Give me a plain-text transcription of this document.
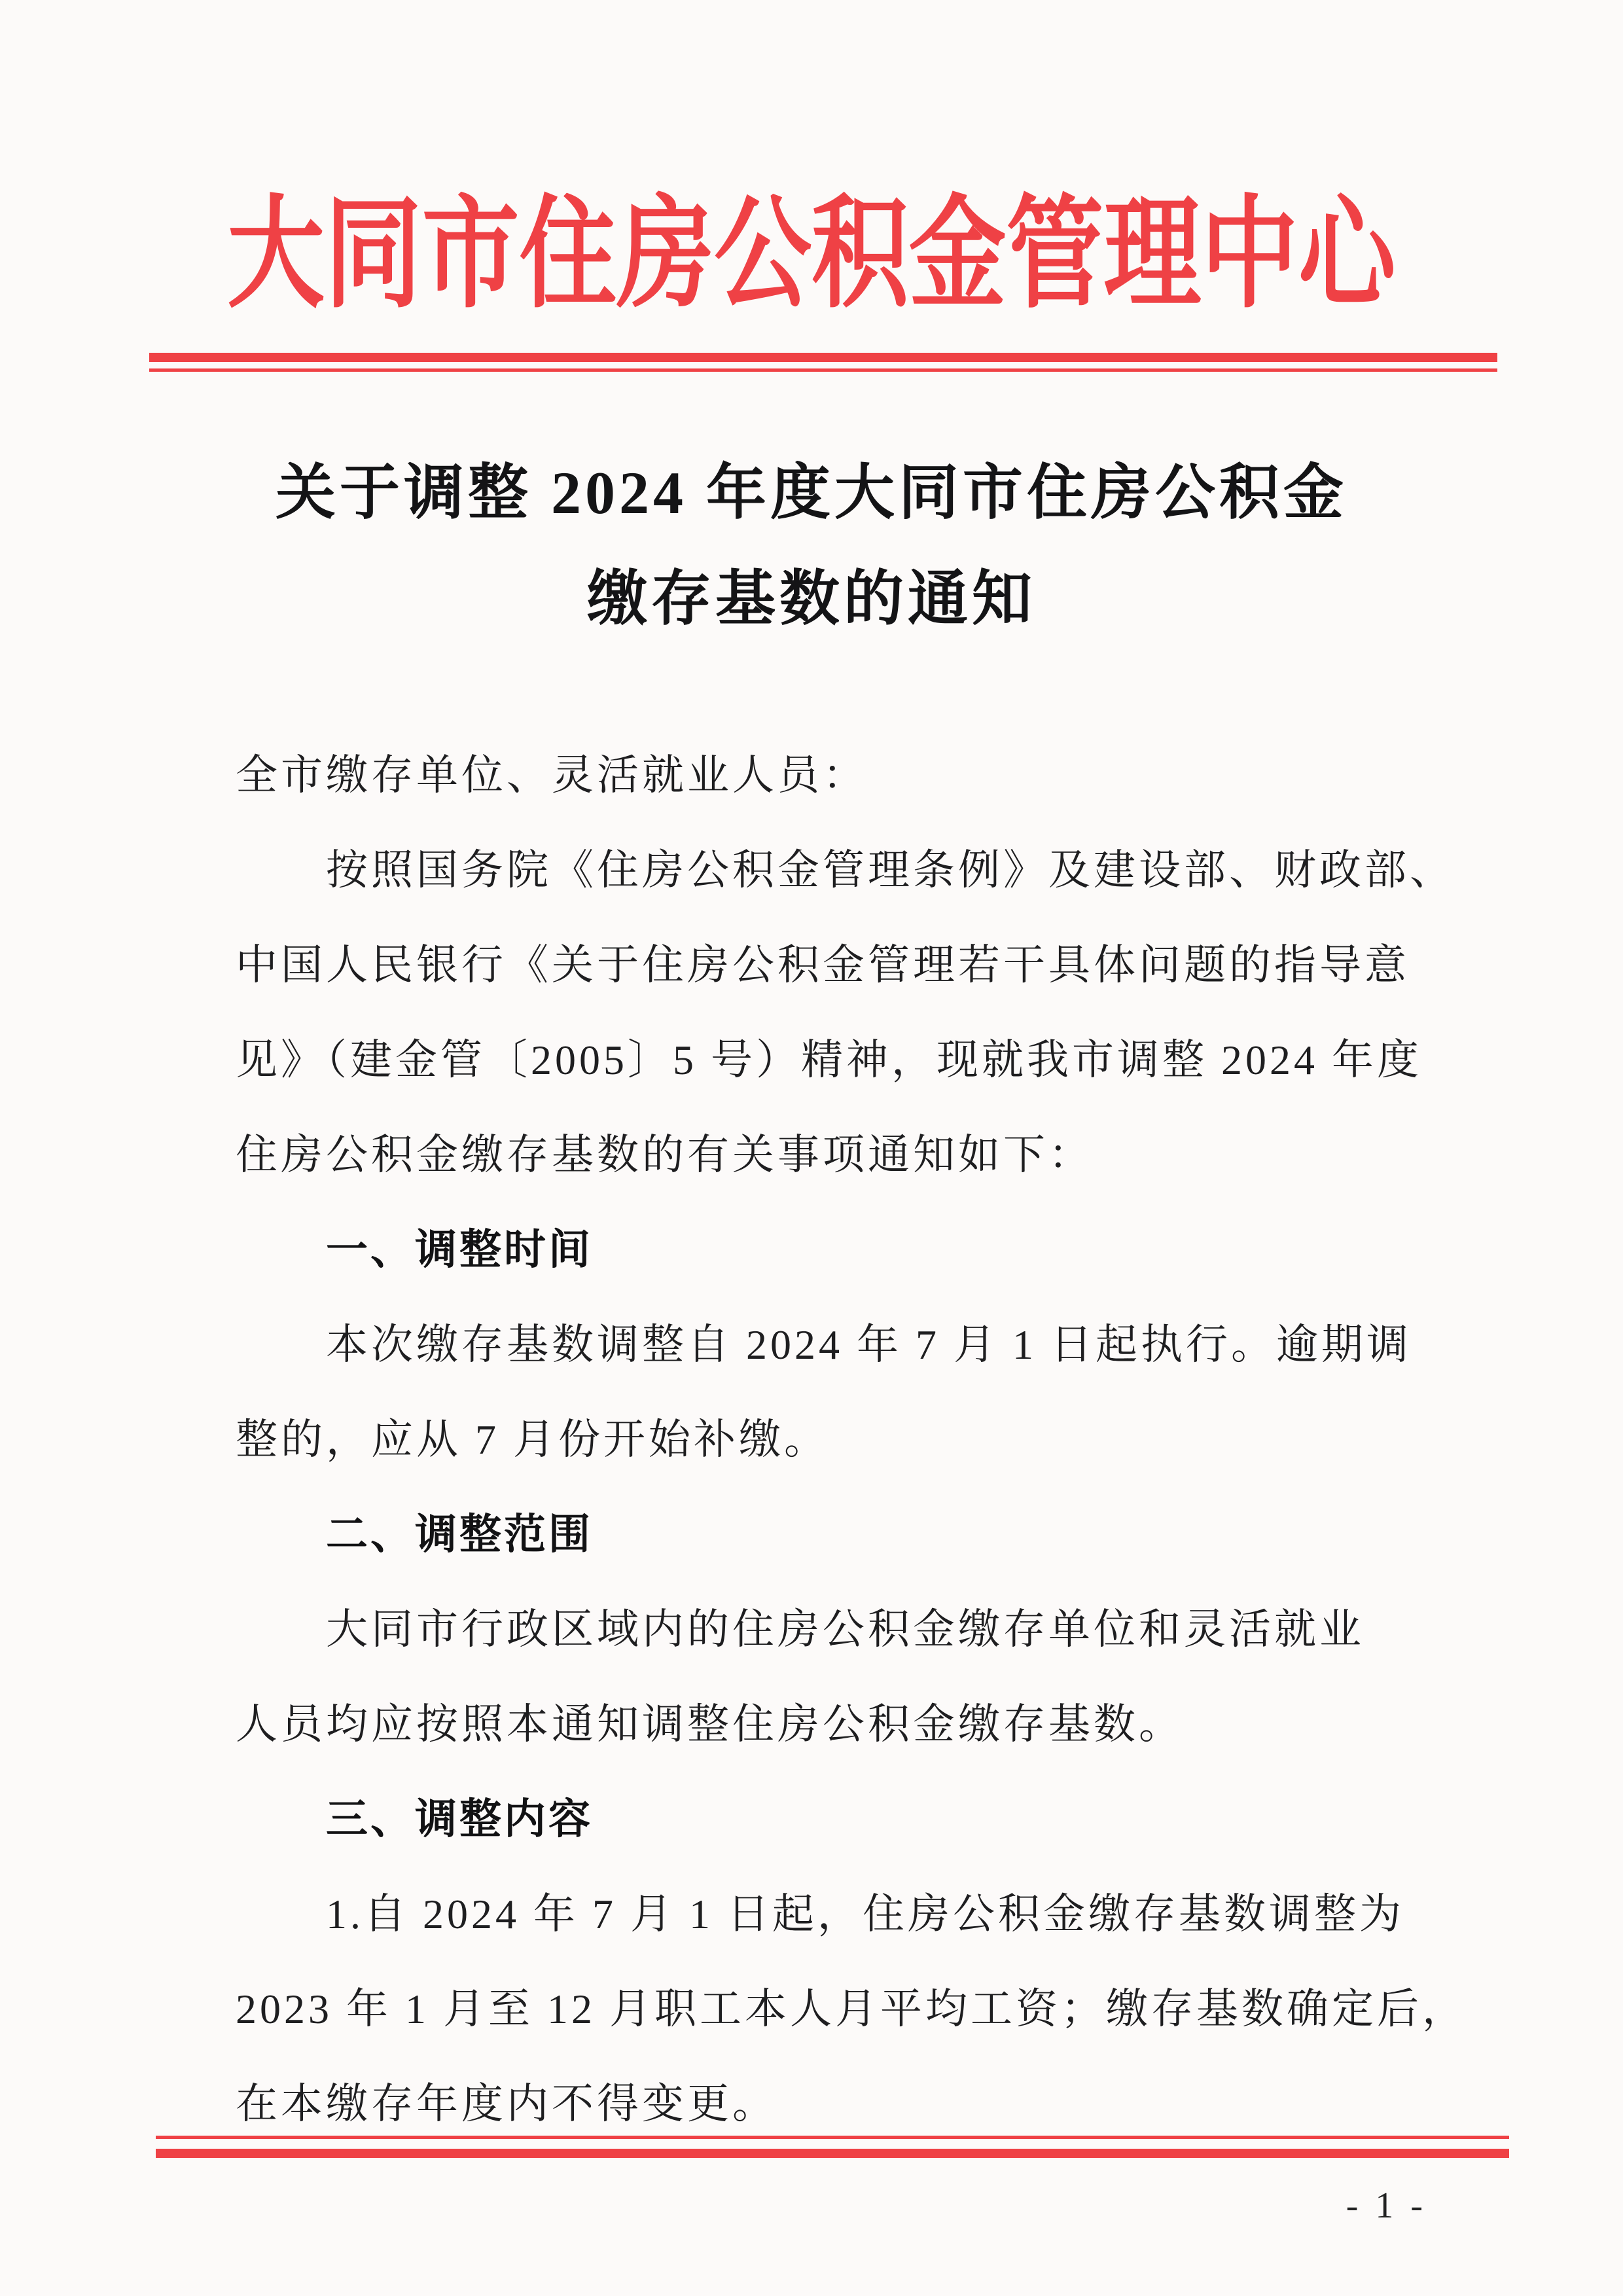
大同市住房公积金管理中心
关于调整 2024 年度大同市住房公积金
缴存基数的通知
全市缴存单位、灵活就业人员：
按照国务院《住房公积金管理条例》及建设部、财政部、
中国人民银行《关于住房公积金管理若干具体问题的指导意
见》（建金管〔2005〕5 号）精神，现就我市调整 2024 年度
住房公积金缴存基数的有关事项通知如下：
一、调整时间
本次缴存基数调整自 2024 年 7 月 1 日起执行。逾期调
整的，应从 7 月份开始补缴。
二、调整范围
大同市行政区域内的住房公积金缴存单位和灵活就业
人员均应按照本通知调整住房公积金缴存基数。
三、调整内容
1.自 2024 年 7 月 1 日起，住房公积金缴存基数调整为
2023 年 1 月至 12 月职工本人月平均工资；缴存基数确定后，
在本缴存年度内不得变更。
- 1 -
